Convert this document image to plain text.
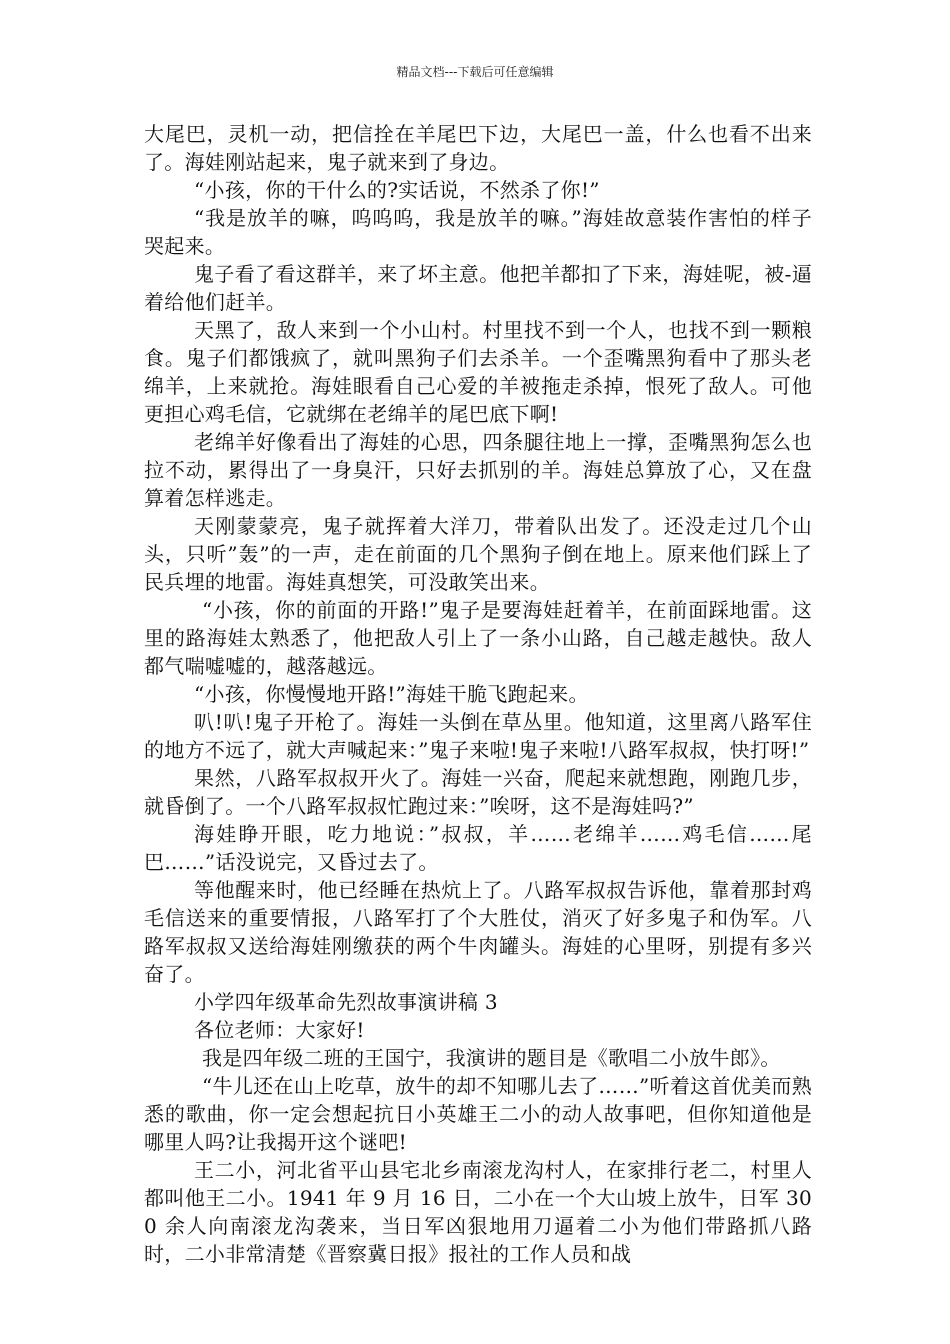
精品文档---下载后可任意编辑

大尾巴，灵机一动，把信拴在羊尾巴下边，大尾巴一盖，什么也看不出来了。海娃刚站起来，鬼子就来到了身边。

“小孩，你的干什么的?实话说，不然杀了你!”

“我是放羊的嘛，呜呜呜，我是放羊的嘛。”海娃故意装作害怕的样子哭起来。

鬼子看了看这群羊，来了坏主意。他把羊都扣了下来，海娃呢，被-逼着给他们赶羊。

天黑了，敌人来到一个小山村。村里找不到一个人，也找不到一颗粮食。鬼子们都饿疯了，就叫黑狗子们去杀羊。一个歪嘴黑狗看中了那头老绵羊，上来就抢。海娃眼看自己心爱的羊被拖走杀掉，恨死了敌人。可他更担心鸡毛信，它就绑在老绵羊的尾巴底下啊!

老绵羊好像看出了海娃的心思，四条腿往地上一撑，歪嘴黑狗怎么也拉不动，累得出了一身臭汗，只好去抓别的羊。海娃总算放了心，又在盘算着怎样逃走。

天刚蒙蒙亮，鬼子就挥着大洋刀，带着队出发了。还没走过几个山头，只听”轰”的一声，走在前面的几个黑狗子倒在地上。原来他们踩上了民兵埋的地雷。海娃真想笑，可没敢笑出来。

“小孩，你的前面的开路!”鬼子是要海娃赶着羊，在前面踩地雷。这里的路海娃太熟悉了，他把敌人引上了一条小山路，自己越走越快。敌人都气喘嘘嘘的，越落越远。

“小孩，你慢慢地开路!”海娃干脆飞跑起来。

叭!叭!鬼子开枪了。海娃一头倒在草丛里。他知道，这里离八路军住的地方不远了，就大声喊起来：”鬼子来啦!鬼子来啦!八路军叔叔，快打呀!”

果然，八路军叔叔开火了。海娃一兴奋，爬起来就想跑，刚跑几步，就昏倒了。一个八路军叔叔忙跑过来：”唉呀，这不是海娃吗?”

海娃睁开眼，吃力地说：”叔叔，羊……老绵羊……鸡毛信……尾巴……”话没说完，又昏过去了。

等他醒来时，他已经睡在热炕上了。八路军叔叔告诉他，靠着那封鸡毛信送来的重要情报，八路军打了个大胜仗，消灭了好多鬼子和伪军。八路军叔叔又送给海娃刚缴获的两个牛肉罐头。海娃的心里呀，别提有多兴奋了。

小学四年级革命先烈故事演讲稿 3

各位老师：大家好!

我是四年级二班的王国宁，我演讲的题目是《歌唱二小放牛郎》。

“牛儿还在山上吃草，放牛的却不知哪儿去了……”听着这首优美而熟悉的歌曲，你一定会想起抗日小英雄王二小的动人故事吧，但你知道他是哪里人吗?让我揭开这个谜吧!

王二小，河北省平山县宅北乡南滚龙沟村人，在家排行老二，村里人都叫他王二小。1941 年 9 月 16 日，二小在一个大山坡上放牛，日军 300 余人向南滚龙沟袭来，当日军凶狠地用刀逼着二小为他们带路抓八路时，二小非常清楚《晋察冀日报》报社的工作人员和战
